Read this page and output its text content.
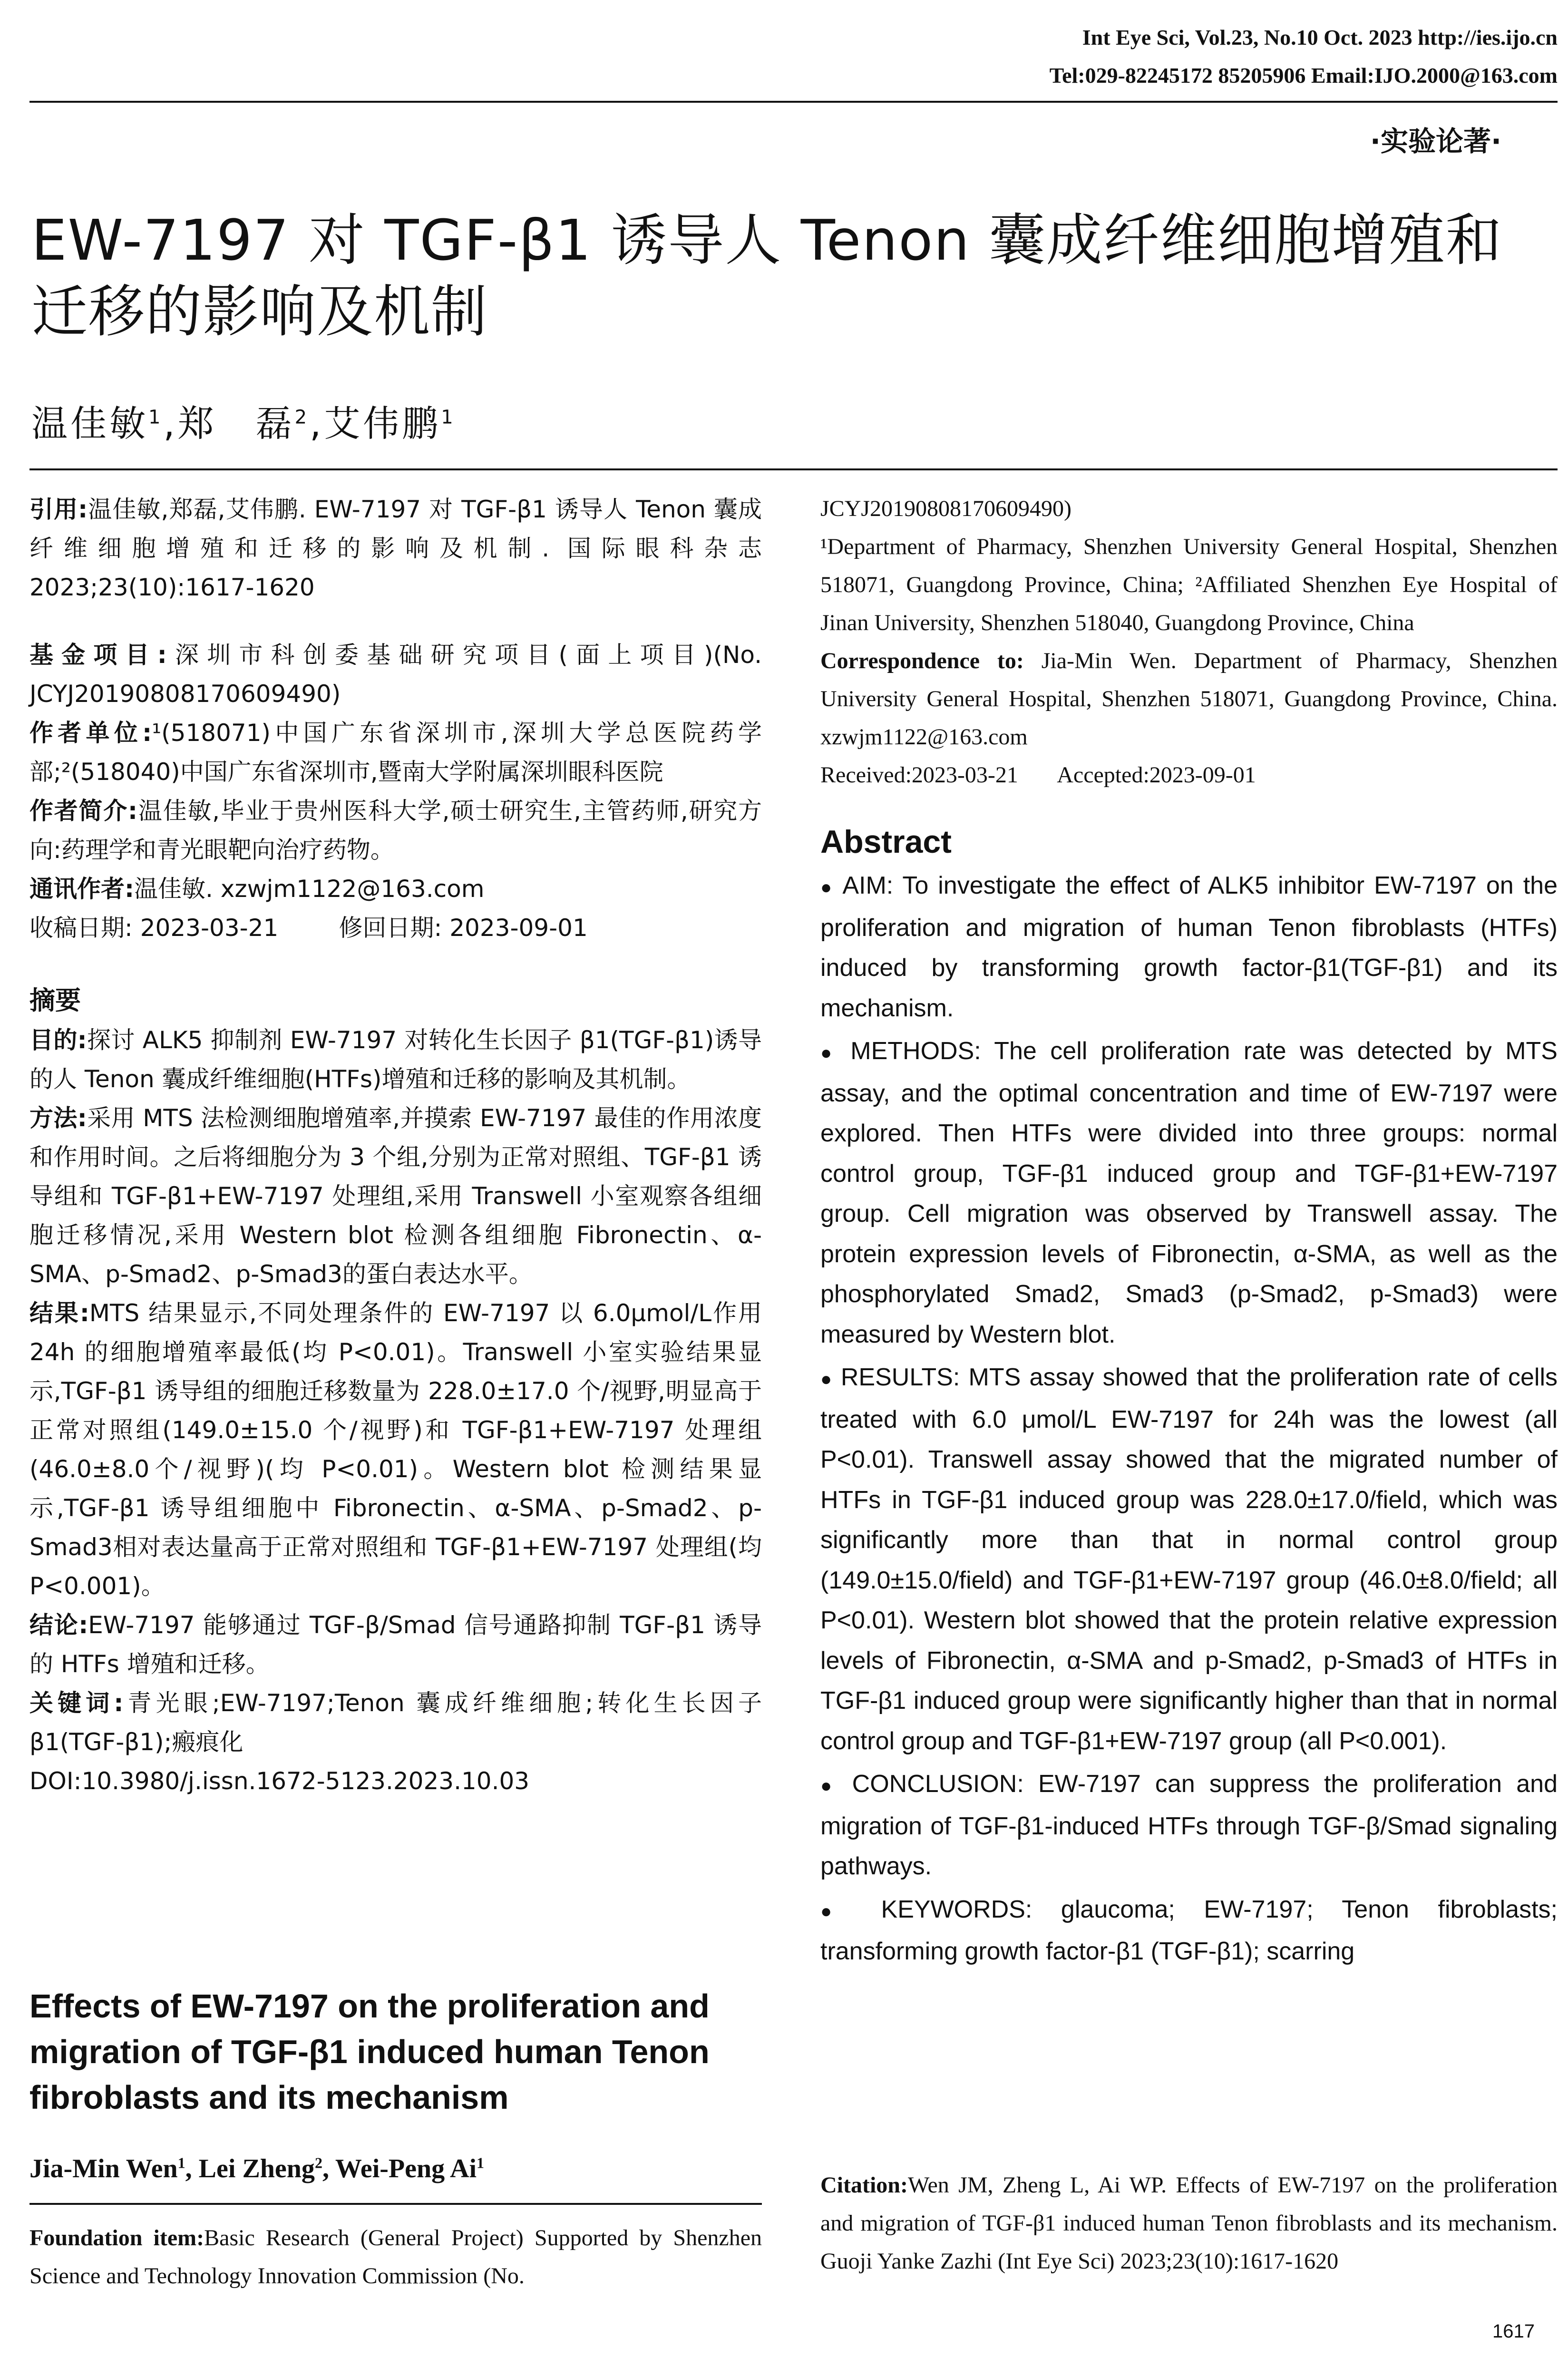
Int Eye Sci, Vol.23, No.10 Oct. 2023 http://ies.ijo.cn
Tel:029-82245172 85205906 Email:IJO.2000@163.com
·实验论著·
EW-7197 对 TGF-β1 诱导人 Tenon 囊成纤维细胞增殖和迁移的影响及机制
温佳敏$^1$,郑　磊$^2$,艾伟鹏$^1$

引用:温佳敏,郑磊,艾伟鹏. EW-7197 对 TGF-β1 诱导人 Tenon 囊成纤维细胞增殖和迁移的影响及机制. 国际眼科杂志 2023;23(10):1617-1620

基金项目:深圳市科创委基础研究项目(面上项目)(No. JCYJ20190808170609490)

作者单位:¹(518071)中国广东省深圳市,深圳大学总医院药学部;²(518040)中国广东省深圳市,暨南大学附属深圳眼科医院

作者简介:温佳敏,毕业于贵州医科大学,硕士研究生,主管药师,研究方向:药理学和青光眼靶向治疗药物。

通讯作者:温佳敏. xzwjm1122@163.com

收稿日期: 2023-03-21        修回日期: 2023-09-01

摘要

目的:探讨 ALK5 抑制剂 EW-7197 对转化生长因子 β1(TGF-β1)诱导的人 Tenon 囊成纤维细胞(HTFs)增殖和迁移的影响及其机制。

方法:采用 MTS 法检测细胞增殖率,并摸索 EW-7197 最佳的作用浓度和作用时间。之后将细胞分为 3 个组,分别为正常对照组、TGF-β1 诱导组和 TGF-β1+EW-7197 处理组,采用 Transwell 小室观察各组细胞迁移情况,采用 Western blot 检测各组细胞 Fibronectin、α-SMA、p-Smad2、p-Smad3的蛋白表达水平。

结果:MTS 结果显示,不同处理条件的 EW-7197 以 6.0μmol/L作用 24h 的细胞增殖率最低(均 P<0.01)。Transwell 小室实验结果显示,TGF-β1 诱导组的细胞迁移数量为 228.0±17.0 个/视野,明显高于正常对照组(149.0±15.0 个/视野)和 TGF-β1+EW-7197 处理组(46.0±8.0个/视野)(均 P<0.01)。Western blot 检测结果显示,TGF-β1 诱导组细胞中 Fibronectin、α-SMA、p-Smad2、p-Smad3相对表达量高于正常对照组和 TGF-β1+EW-7197 处理组(均 P<0.001)。

结论:EW-7197 能够通过 TGF-β/Smad 信号通路抑制 TGF-β1 诱导的 HTFs 增殖和迁移。

关键词:青光眼;EW-7197;Tenon 囊成纤维细胞;转化生长因子 β1(TGF-β1);瘢痕化

DOI:10.3980/j.issn.1672-5123.2023.10.03

Effects of EW-7197 on the proliferation and migration of TGF-β1 induced human Tenon fibroblasts and its mechanism

Jia-Min Wen$^1$, Lei Zheng$^2$, Wei-Peng Ai$^1$

Foundation item:Basic Research (General Project) Supported by Shenzhen Science and Technology Innovation Commission (No.

JCYJ20190808170609490)

¹Department of Pharmacy, Shenzhen University General Hospital, Shenzhen 518071, Guangdong Province, China; ²Affiliated Shenzhen Eye Hospital of Jinan University, Shenzhen 518040, Guangdong Province, China

Correspondence to: Jia-Min Wen. Department of Pharmacy, Shenzhen University General Hospital, Shenzhen 518071, Guangdong Province, China. xzwjm1122@163.com

Received:2023-03-21       Accepted:2023-09-01

Abstract

● AIM: To investigate the effect of ALK5 inhibitor EW-7197 on the proliferation and migration of human Tenon fibroblasts (HTFs) induced by transforming growth factor-β1(TGF-β1) and its mechanism.

● METHODS: The cell proliferation rate was detected by MTS assay, and the optimal concentration and time of EW-7197 were explored. Then HTFs were divided into three groups: normal control group, TGF-β1 induced group and TGF-β1+EW-7197 group. Cell migration was observed by Transwell assay. The protein expression levels of Fibronectin, α-SMA, as well as the phosphorylated Smad2, Smad3 (p-Smad2, p-Smad3) were measured by Western blot.

● RESULTS: MTS assay showed that the proliferation rate of cells treated with 6.0 μmol/L EW-7197 for 24h was the lowest (all P<0.01). Transwell assay showed that the migrated number of HTFs in TGF-β1 induced group was 228.0±17.0/field, which was significantly more than that in normal control group (149.0±15.0/field) and TGF-β1+EW-7197 group (46.0±8.0/field; all P<0.01). Western blot showed that the protein relative expression levels of Fibronectin, α-SMA and p-Smad2, p-Smad3 of HTFs in TGF-β1 induced group were significantly higher than that in normal control group and TGF-β1+EW-7197 group (all P<0.001).

● CONCLUSION: EW-7197 can suppress the proliferation and migration of TGF-β1-induced HTFs through TGF-β/Smad signaling pathways.

● KEYWORDS: glaucoma; EW-7197; Tenon fibroblasts; transforming growth factor-β1 (TGF-β1); scarring

Citation:Wen JM, Zheng L, Ai WP. Effects of EW-7197 on the proliferation and migration of TGF-β1 induced human Tenon fibroblasts and its mechanism. Guoji Yanke Zazhi (Int Eye Sci) 2023;23(10):1617-1620

1617
